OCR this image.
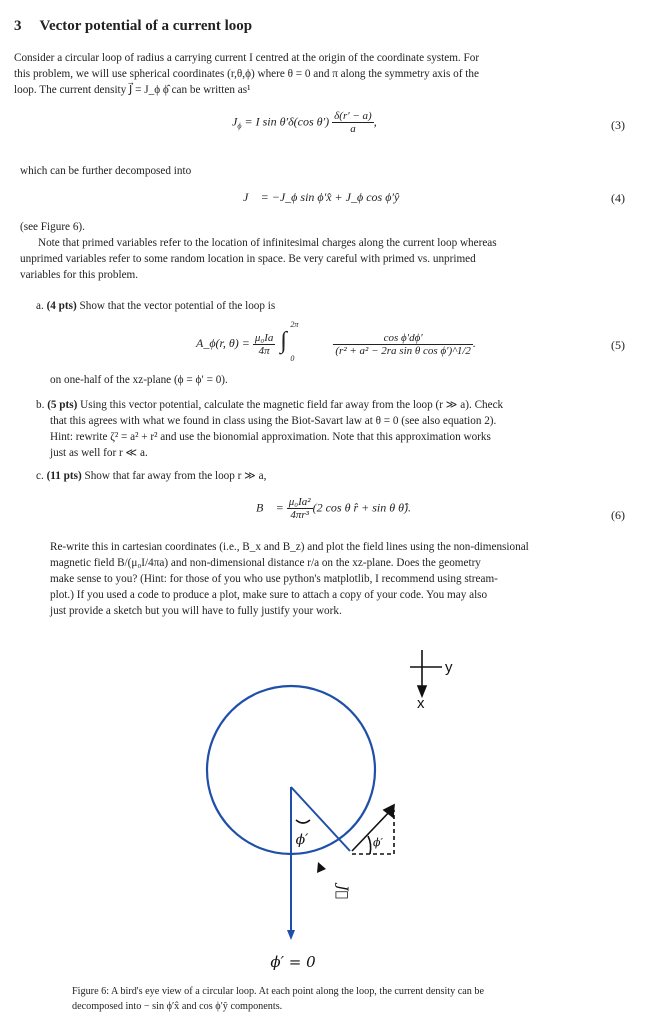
3 Vector potential of a current loop
Consider a circular loop of radius a carrying current I centred at the origin of the coordinate system. For
this problem, we will use spherical coordinates (r,θ,ϕ) where θ = 0 and π along the symmetry axis of the
loop. The current density J⃗ = J_ϕ ϕ̂ can be written as¹
$J_\phi = I$ sin θ′δ(cos $\theta') \frac{\delta(r' - a)}{a}$ ,	(3)
which can be further decomposed into
J⃗ = −J_ϕ sin ϕ′x̂ + J_ϕ cos ϕ′ŷ	(4)
(see Figure 6).
Note that primed variables refer to the location of infinitesimal charges along the current loop whereas
unprimed variables refer to some random location in space. Be very careful with primed vs. unprimed
variables for this problem.
a. (4 pts) Show that the vector potential of the loop is
A_ϕ(r, $\theta) = \frac{\text{μ₀Ia}}{4\pi}$
∫
2π
0

$\frac{\text{cos ϕ′dϕ′}}{\text{(r² + a² − 2ra sin θ cos ϕ′)\textasciicircum{}1/2}}$ .	(5)
on one-half of the xz-plane (ϕ = ϕ′ = 0).
b. (5 pts) Using this vector potential, calculate the magnetic field far away from the loop (r ≫ a). Check
that this agrees with what we found in class using the Biot-Savart law at θ = 0 (see also equation 2).
Hint: rewrite ζ² = a² + r² and use the bionomial approximation. Note that this approximation works
just as well for r ≪ a.
c. (11 pts) Show that far away from the loop r ≫ a,
B⃗ = $\frac{\text{μ₀Ia²}}{\text{4πr³}} (2$ cos θ r̂ + sin θ θ̂).
(6)
Re-write this in cartesian coordinates (i.e., B_x and B_z) and plot the field lines using the non-dimensional
magnetic field B/(μ₀I/4πa) and non-dimensional distance r/a on the xz-plane. Does the geometry
make sense to you? (Hint: for those of you who use python's matplotlib, I recommend using stream-
plot.) If you used a code to produce a plot, make sure to attach a copy of your code. You may also
just provide a sketch but you will have to fully justify your work.
y
x
ϕ′	ϕ′
J⃗
ϕ′ = 0
Figure 6: A bird's eye view of a circular loop. At each point along the loop, the current density can be
decomposed into − sin ϕ′x̂ and cos ϕ′ŷ components.
